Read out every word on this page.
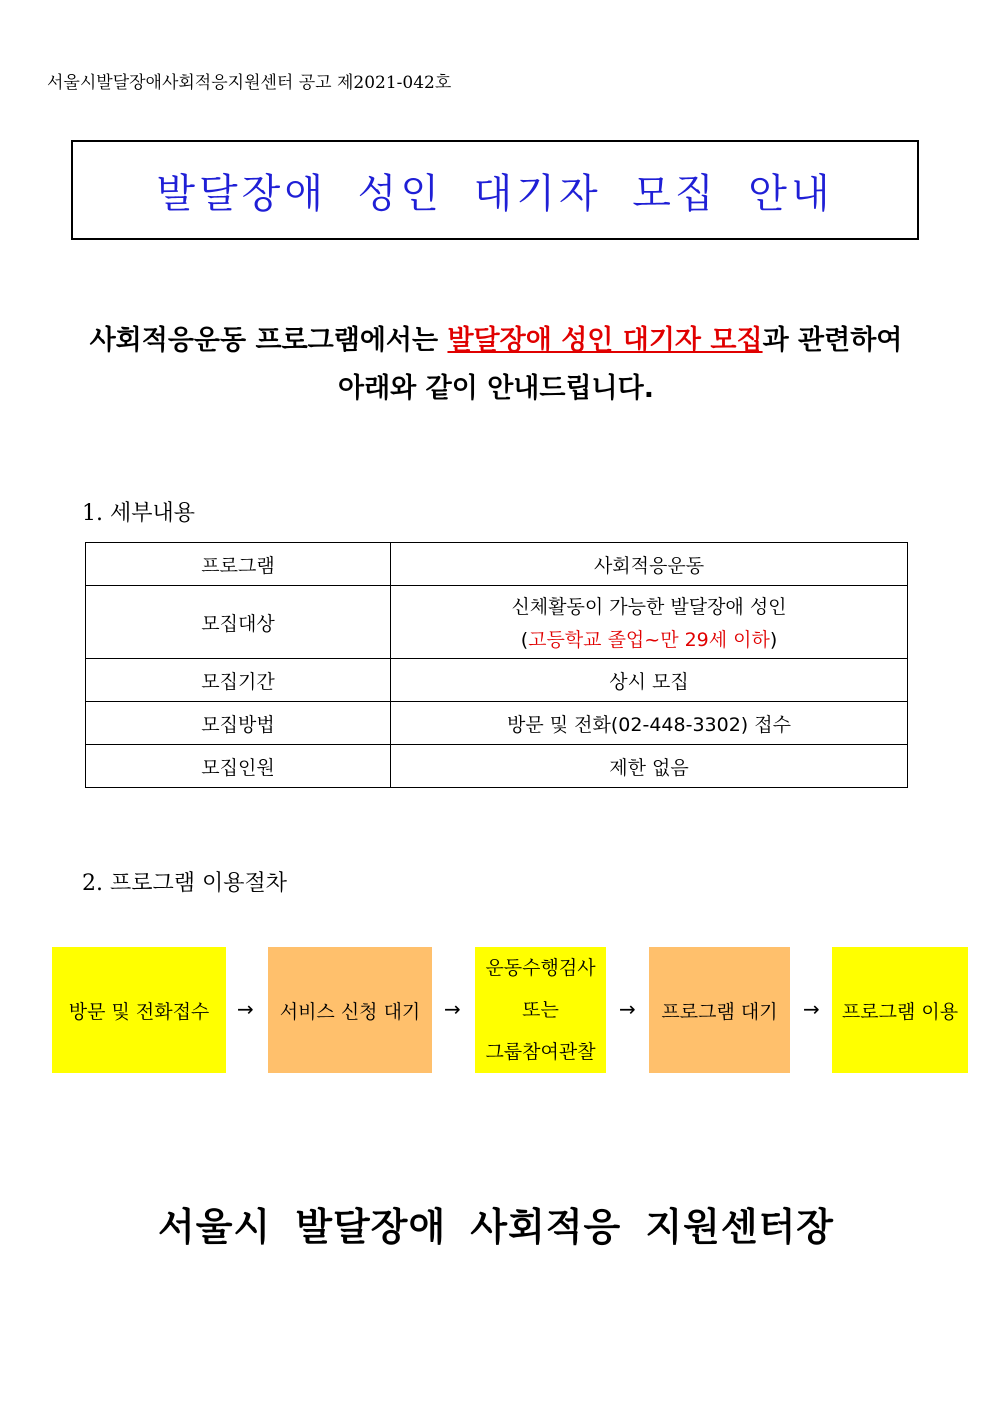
서울시발달장애사회적응지원센터 공고 제2021-042호
발달장애 성인 대기자 모집 안내
사회적응운동 프로그램에서는 발달장애 성인 대기자 모집과 관련하여
아래와 같이 안내드립니다.
1. 세부내용
프로그램	사회적응운동
모집대상	신체활동이 가능한 발달장애 성인
(고등학교 졸업~만 29세 이하)
모집기간	상시 모집
모집방법	방문 및 전화(02-448-3302) 접수
모집인원	제한 없음
2. 프로그램 이용절차
방문 및 전화접수	→	서비스 신청 대기	→
운동수행검사
또는
그룹참여관찰
→	프로그램 대기	→	프로그램 이용
서울시 발달장애 사회적응 지원센터장
